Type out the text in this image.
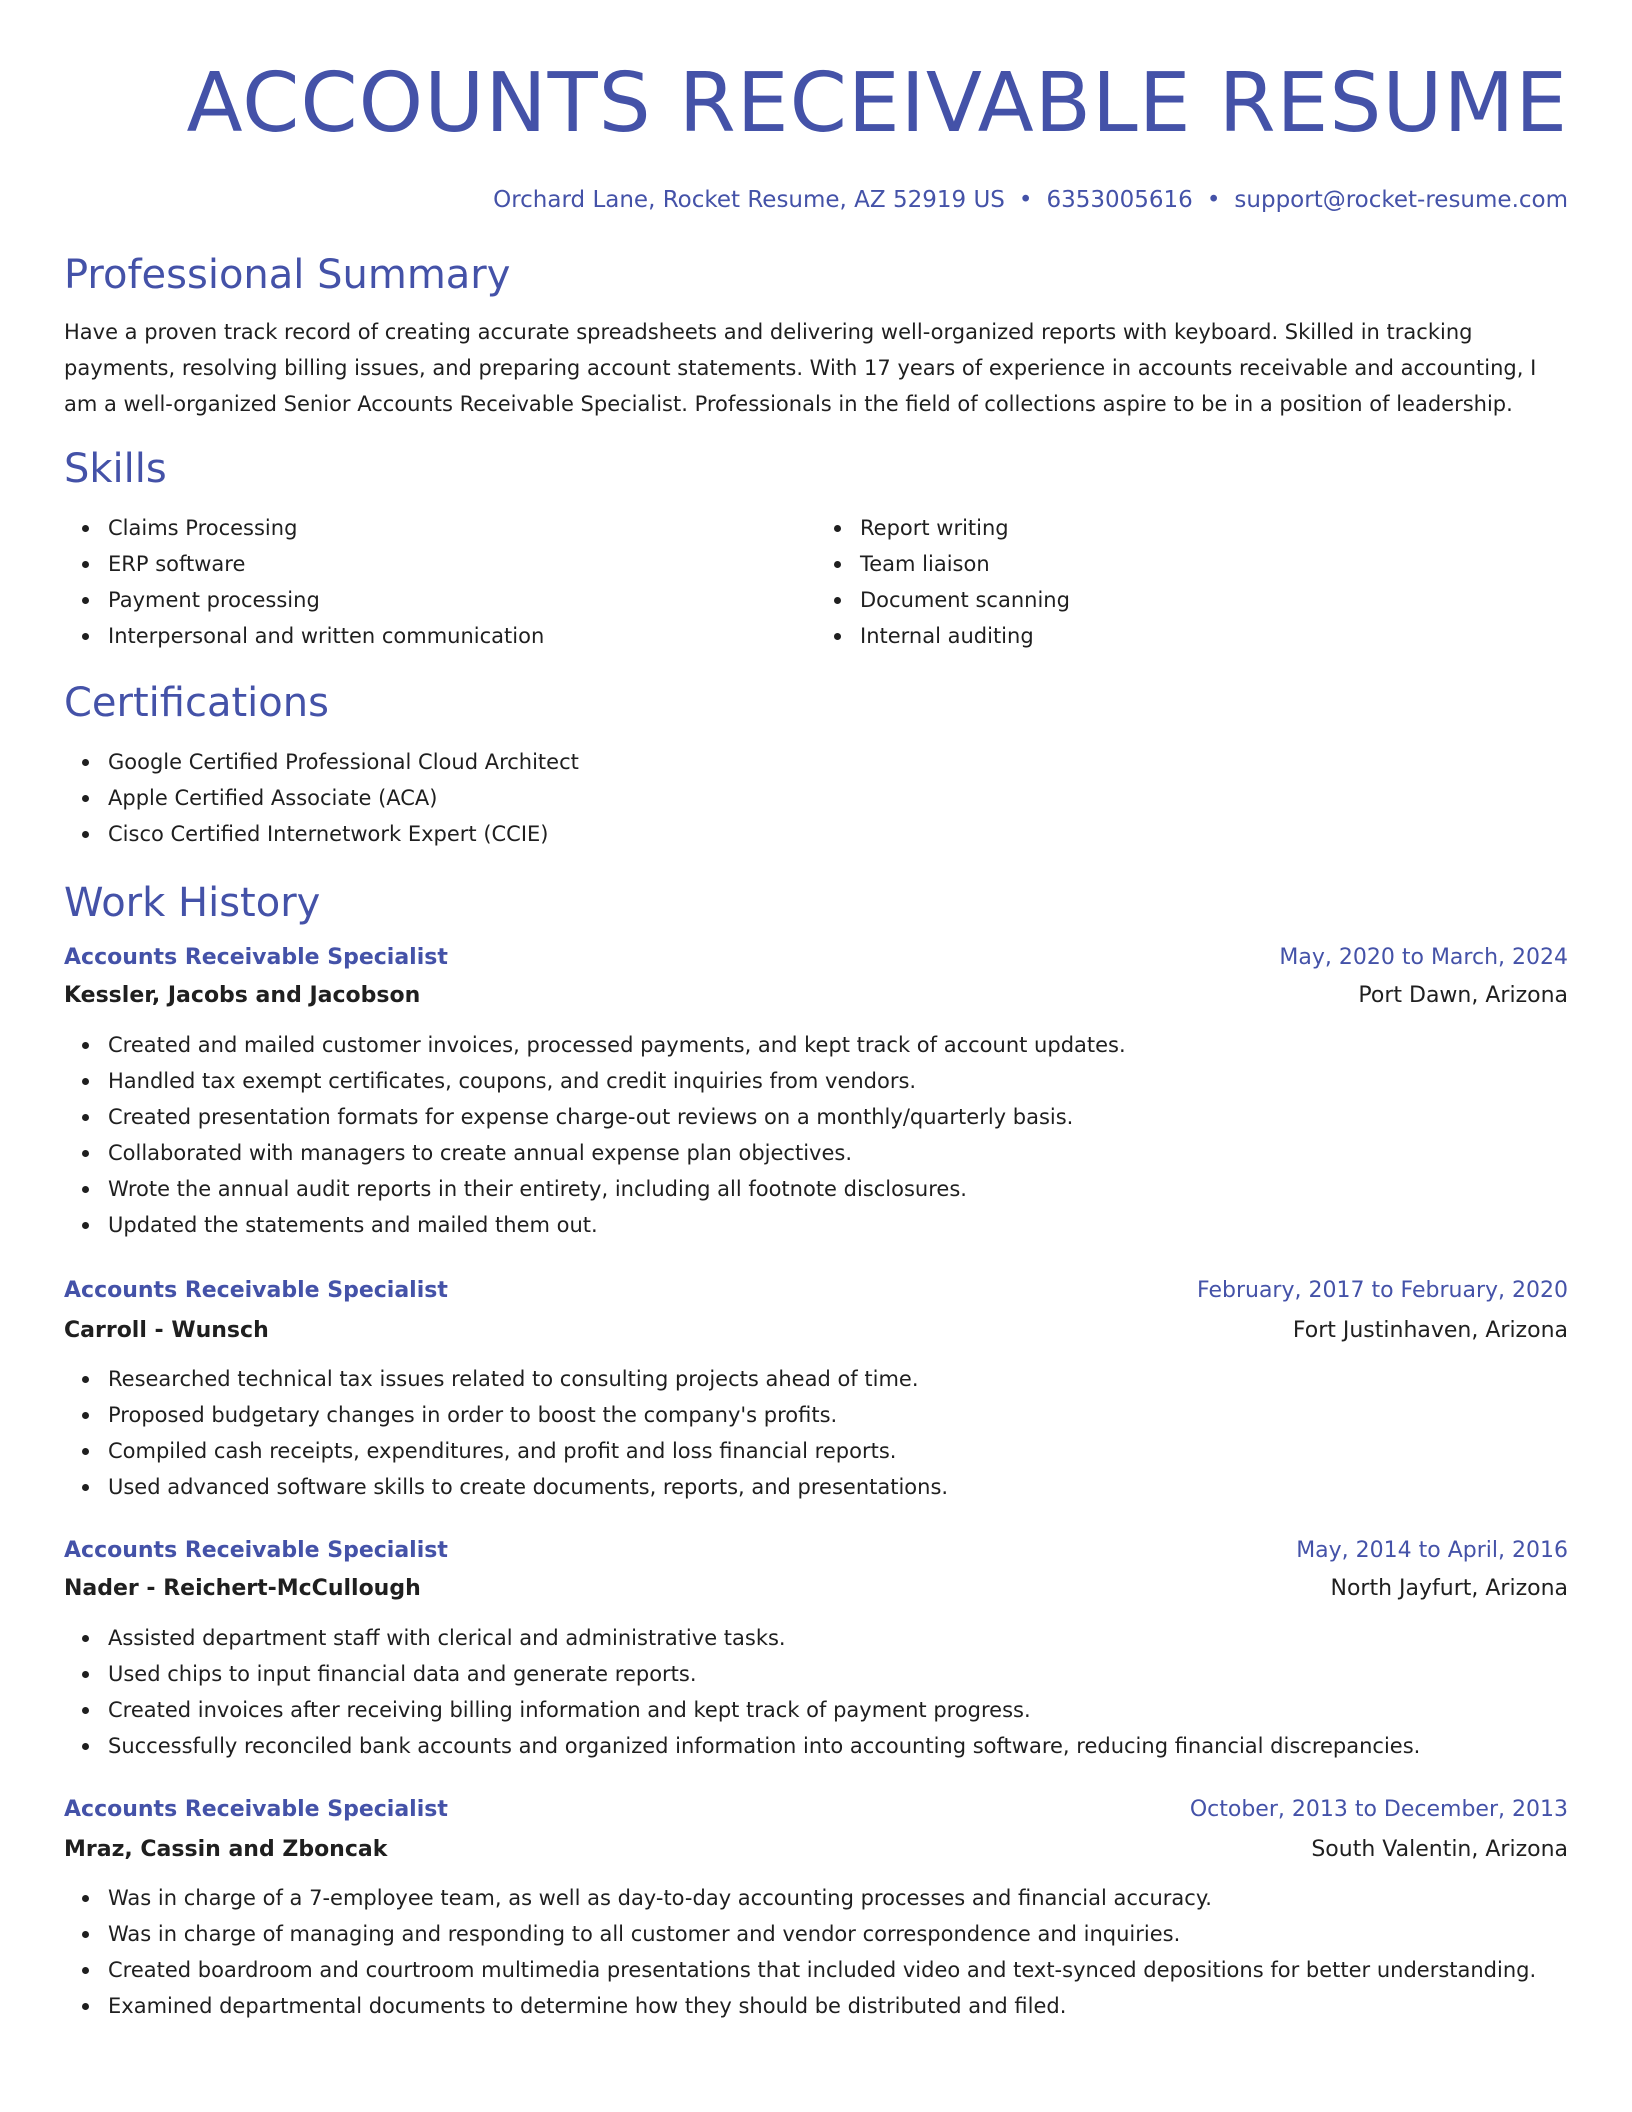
ACCOUNTS RECEIVABLE RESUME
Orchard Lane, Rocket Resume, AZ 52919 US • 6353005616 • support@rocket-resume.com
Professional Summary
Have a proven track record of creating accurate spreadsheets and delivering well-organized reports with keyboard. Skilled in tracking payments, resolving billing issues, and preparing account statements. With 17 years of experience in accounts receivable and accounting, I am a well-organized Senior Accounts Receivable Specialist. Professionals in the field of collections aspire to be in a position of leadership.
Skills
Claims Processing
ERP software
Payment processing
Interpersonal and written communication
Report writing
Team liaison
Document scanning
Internal auditing
Certifications
Google Certified Professional Cloud Architect
Apple Certified Associate (ACA)
Cisco Certified Internetwork Expert (CCIE)
Work History
Accounts Receivable Specialist	May, 2020 to March, 2024
Kessler, Jacobs and Jacobson	Port Dawn, Arizona
Created and mailed customer invoices, processed payments, and kept track of account updates.
Handled tax exempt certificates, coupons, and credit inquiries from vendors.
Created presentation formats for expense charge-out reviews on a monthly/quarterly basis.
Collaborated with managers to create annual expense plan objectives.
Wrote the annual audit reports in their entirety, including all footnote disclosures.
Updated the statements and mailed them out.
Accounts Receivable Specialist	February, 2017 to February, 2020
Carroll - Wunsch	Fort Justinhaven, Arizona
Researched technical tax issues related to consulting projects ahead of time.
Proposed budgetary changes in order to boost the company's profits.
Compiled cash receipts, expenditures, and profit and loss financial reports.
Used advanced software skills to create documents, reports, and presentations.
Accounts Receivable Specialist	May, 2014 to April, 2016
Nader - Reichert-McCullough	North Jayfurt, Arizona
Assisted department staff with clerical and administrative tasks.
Used chips to input financial data and generate reports.
Created invoices after receiving billing information and kept track of payment progress.
Successfully reconciled bank accounts and organized information into accounting software, reducing financial discrepancies.
Accounts Receivable Specialist	October, 2013 to December, 2013
Mraz, Cassin and Zboncak	South Valentin, Arizona
Was in charge of a 7-employee team, as well as day-to-day accounting processes and financial accuracy.
Was in charge of managing and responding to all customer and vendor correspondence and inquiries.
Created boardroom and courtroom multimedia presentations that included video and text-synced depositions for better understanding.
Examined departmental documents to determine how they should be distributed and filed.
